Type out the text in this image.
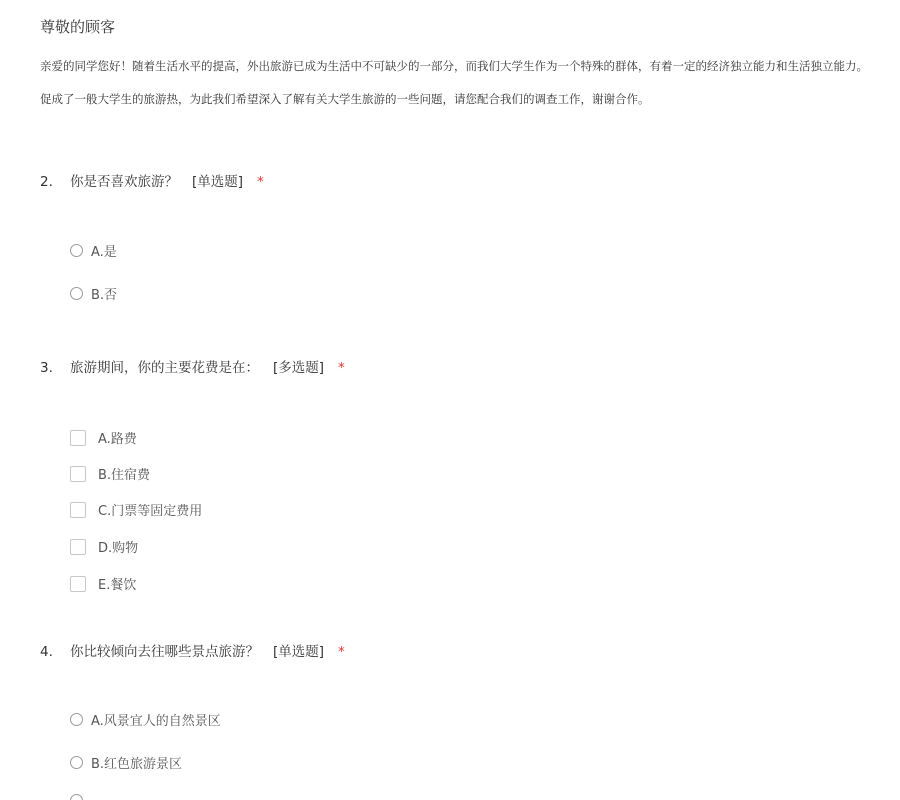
尊敬的顾客
亲爱的同学您好！随着生活水平的提高，外出旅游已成为生活中不可缺少的一部分，而我们大学生作为一个特殊的群体，有着一定的经济独立能力和生活独立能力。
促成了一般大学生的旅游热，为此我们希望深入了解有关大学生旅游的一些问题，请您配合我们的调查工作，谢谢合作。
2. 你是否喜欢旅游？ [单选题] *
A.是
B.否
3. 旅游期间，你的主要花费是在： [多选题] *
A.路费
B.住宿费
C.门票等固定费用
D.购物
E.餐饮
4. 你比较倾向去往哪些景点旅游？ [单选题] *
A.风景宜人的自然景区
B.红色旅游景区
